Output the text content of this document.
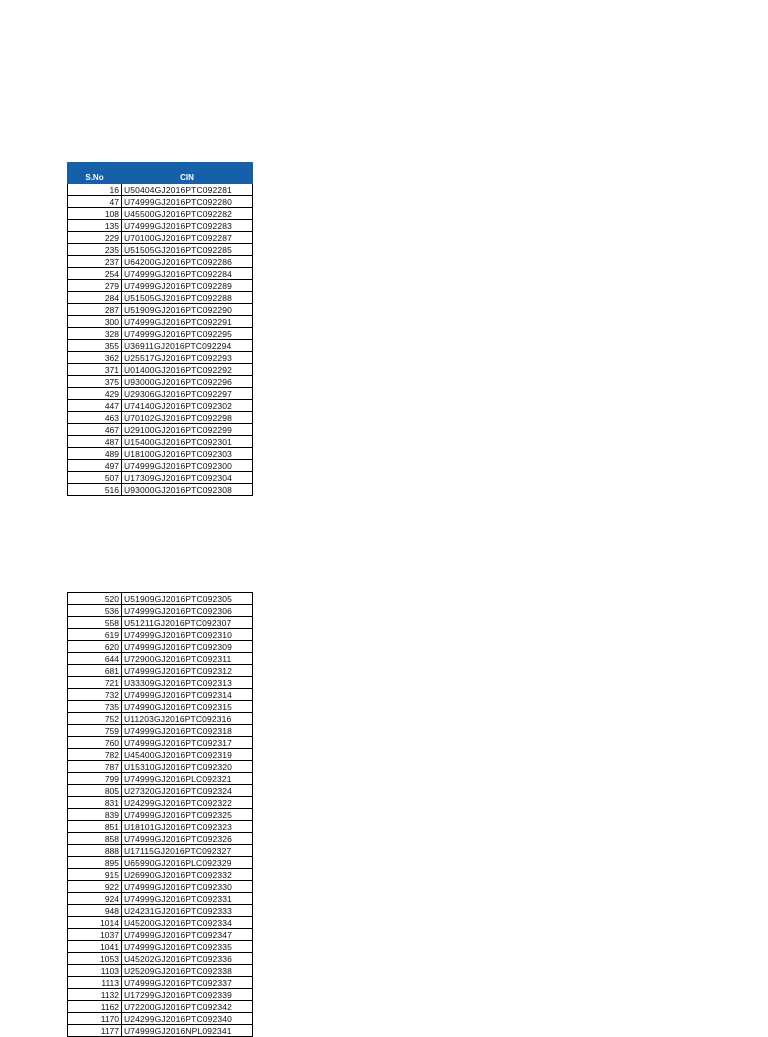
S.No	CIN
16	U50404GJ2016PTC092281
47	U74999GJ2016PTC092280
108	U45500GJ2016PTC092282
135	U74999GJ2016PTC092283
229	U70100GJ2016PTC092287
235	U51505GJ2016PTC092285
237	U64200GJ2016PTC092286
254	U74999GJ2016PTC092284
279	U74999GJ2016PTC092289
284	U51505GJ2016PTC092288
287	U51909GJ2016PTC092290
300	U74999GJ2016PTC092291
328	U74999GJ2016PTC092295
355	U36911GJ2016PTC092294
362	U25517GJ2016PTC092293
371	U01400GJ2016PTC092292
375	U93000GJ2016PTC092296
429	U29306GJ2016PTC092297
447	U74140GJ2016PTC092302
463	U70102GJ2016PTC092298
467	U29100GJ2016PTC092299
487	U15400GJ2016PTC092301
489	U18100GJ2016PTC092303
497	U74999GJ2016PTC092300
507	U17309GJ2016PTC092304
516	U93000GJ2016PTC092308
520	U51909GJ2016PTC092305
536	U74999GJ2016PTC092306
558	U51211GJ2016PTC092307
619	U74999GJ2016PTC092310
620	U74999GJ2016PTC092309
644	U72900GJ2016PTC092311
681	U74999GJ2016PTC092312
721	U33309GJ2016PTC092313
732	U74999GJ2016PTC092314
735	U74990GJ2016PTC092315
752	U11203GJ2016PTC092316
759	U74999GJ2016PTC092318
760	U74999GJ2016PTC092317
782	U45400GJ2016PTC092319
787	U15310GJ2016PTC092320
799	U74999GJ2016PLC092321
805	U27320GJ2016PTC092324
831	U24299GJ2016PTC092322
839	U74999GJ2016PTC092325
851	U18101GJ2016PTC092323
858	U74999GJ2016PTC092326
888	U17115GJ2016PTC092327
895	U65990GJ2016PLC092329
915	U26990GJ2016PTC092332
922	U74999GJ2016PTC092330
924	U74999GJ2016PTC092331
948	U24231GJ2016PTC092333
1014	U45200GJ2016PTC092334
1037	U74999GJ2016PTC092347
1041	U74999GJ2016PTC092335
1053	U45202GJ2016PTC092336
1103	U25209GJ2016PTC092338
1113	U74999GJ2016PTC092337
1132	U17299GJ2016PTC092339
1162	U72200GJ2016PTC092342
1170	U24299GJ2016PTC092340
1177	U74999GJ2016NPL092341
